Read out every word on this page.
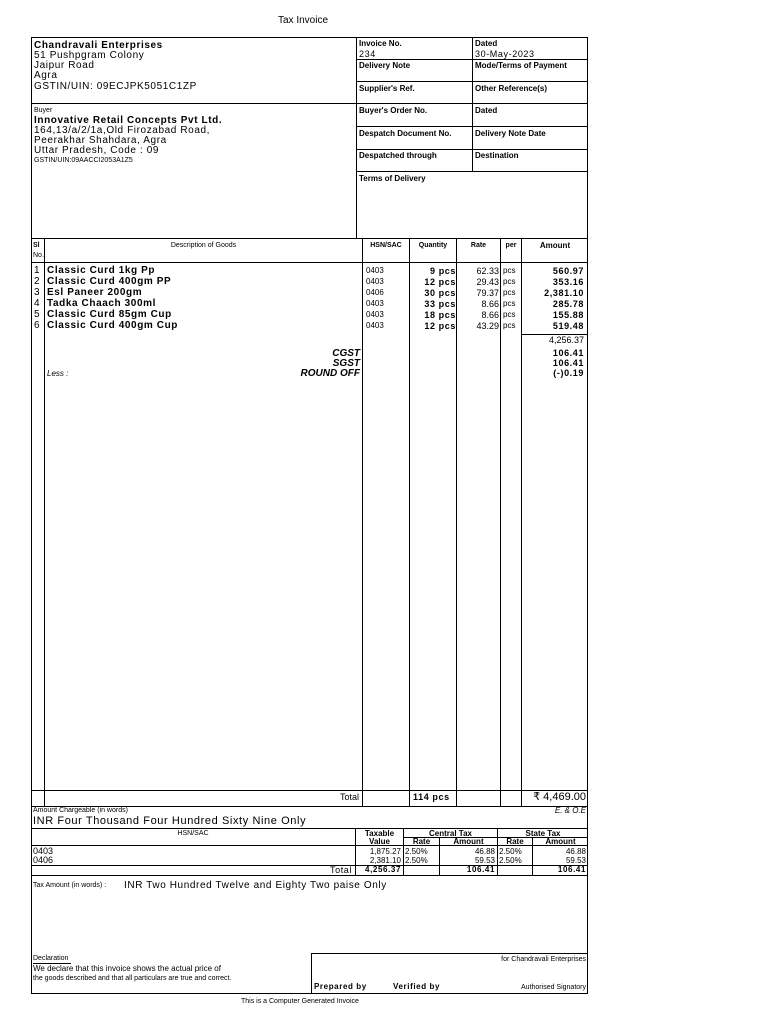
Tax Invoice
Chandravali Enterprises
51 Pushpgram Colony
Jaipur Road
Agra
GSTIN/UIN: 09ECJPK5051C1ZP
Buyer
Innovative Retail Concepts Pvt Ltd.
164,13/a/2/1a,Old Firozabad Road,
Peerakhar Shahdara, Agra
Uttar Pradesh, Code : 09
GSTIN/UIN:09AACCI2053A1Z5
Invoice No.
234
Dated
30-May-2023
Delivery Note	Mode/Terms of Payment
Supplier's Ref.	Other Reference(s)
Buyer's Order No.	Dated
Despatch Document No.	Delivery Note Date
Despatched through	Destination
Terms of Delivery
Sl
No.
Description of Goods	HSN/SAC	Quantity	Rate	per	Amount
1 Classic Curd 1kg Pp	0403	9 pcs	62.33 pcs	560.97
2 Classic Curd 400gm PP	0403	12 pcs	29.43 pcs	353.16
3 Esl Paneer 200gm	0406	30 pcs	79.37 pcs	2,381.10
4 Tadka Chaach 300ml	0403	33 pcs	8.66 pcs	285.78
5 Classic Curd 85gm Cup	0403	18 pcs	8.66 pcs	155.88
6 Classic Curd 400gm Cup	0403	12 pcs	43.29 pcs	519.48
4,256.37
CGST	106.41
SGST	106.41
Less :	ROUND OFF	(-)0.19
Total	114 pcs	₹ 4,469.00
Amount Chargeable (in words)	E. & O.E
INR Four Thousand Four Hundred Sixty Nine Only
HSN/SAC	Taxable
Value
Central Tax	State Tax
Rate	Amount	Rate	Amount
0403	1,875.27 2.50%	46.88 2.50%	46.88
0406	2,381.10 2.50%	59.53 2.50%	59.53
Total	4,256.37	106.41	106.41
Tax Amount (in words) : INR Two Hundred Twelve and Eighty Two paise Only
Declaration
We declare that this invoice shows the actual price of
the goods described and that all particulars are true and correct.
for Chandravali Enterprises
Prepared by	Verified by	Authorised Signatory
This is a Computer Generated Invoice
